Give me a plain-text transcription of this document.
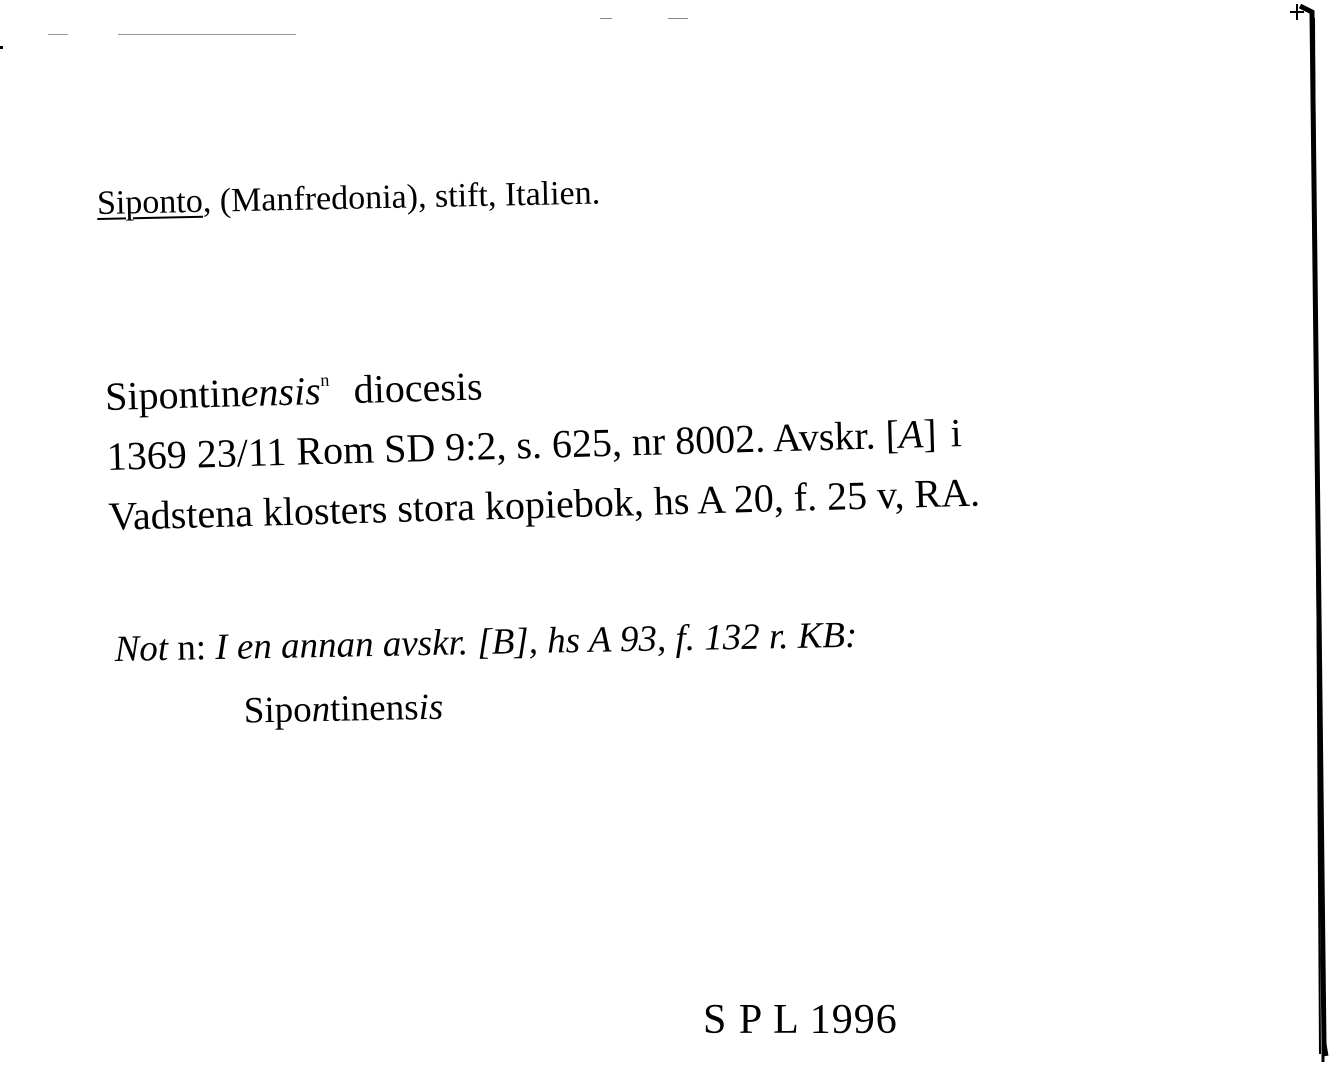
Siponto, (Manfredonia), stift, Italien.
Sipontinensis$^n$ diocesis
1369 23/11 Rom SD 9:2, s. 625, nr 8002. Avskr. [A] i
Vadstena klosters stora kopiebok, hs A 20, f. 25 v, RA.
Not n: I en annan avskr. [B], hs A 93, f. 132 r. KB:
Sipontinensis
S P L 1996
